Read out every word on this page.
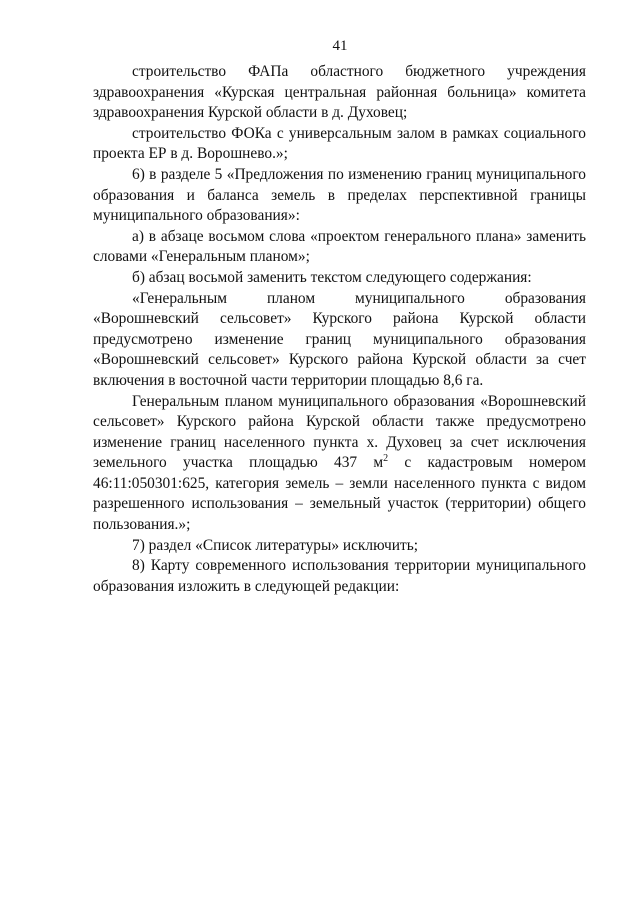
41

строительство ФАПа областного бюджетного учреждения здравоохранения «Курская центральная районная больница» комитета здравоохранения Курской области в д. Духовец;

строительство ФОКа с универсальным залом в рамках социального проекта ЕР в д. Ворошнево.»;

6) в разделе 5 «Предложения по изменению границ муниципального образования и баланса земель в пределах перспективной границы муниципального образования»:

а) в абзаце восьмом слова «проектом генерального плана» заменить словами «Генеральным планом»;

б) абзац восьмой заменить текстом следующего содержания:

«Генеральным планом муниципального образования «Ворошневский сельсовет» Курского района Курской области предусмотрено изменение границ муниципального образования «Ворошневский сельсовет» Курского района Курской области за счет включения в восточной части территории площадью 8,6 га.

Генеральным планом муниципального образования «Ворошневский сельсовет» Курского района Курской области также предусмотрено изменение границ населенного пункта х. Духовец за счет исключения земельного участка площадью 437 $м^2$ с кадастровым номером 46:11:050301:625, категория земель – земли населенного пункта с видом разрешенного использования – земельный участок (территории) общего пользования.»;

7) раздел «Список литературы» исключить;

8) Карту современного использования территории муниципального образования изложить в следующей редакции:
